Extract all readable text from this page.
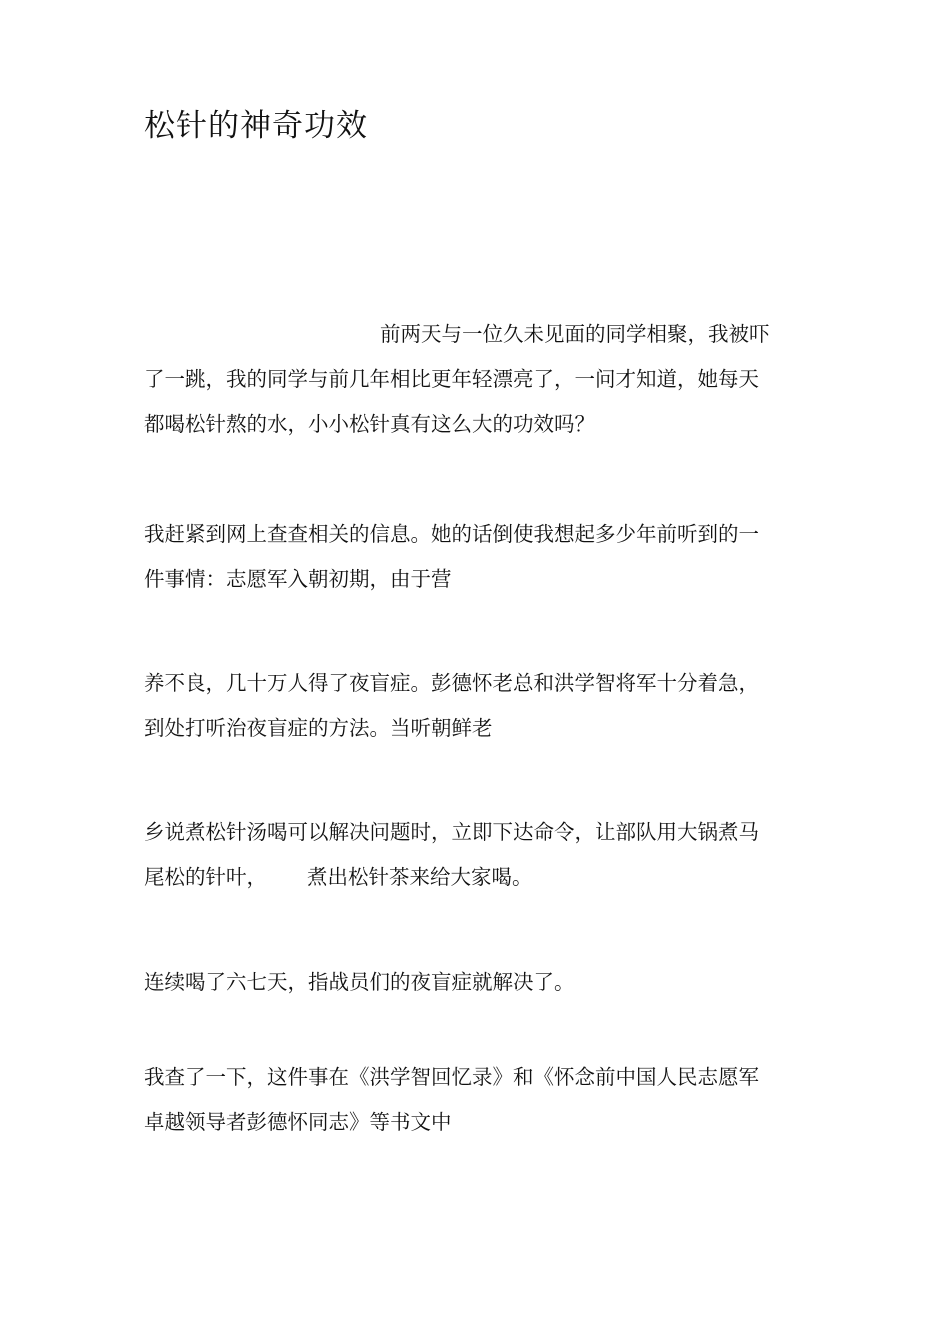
松针的神奇功效
前两天与一位久未见面的同学相聚，我被吓
了一跳，我的同学与前几年相比更年轻漂亮了，一问才知道，她每天
都喝松针熬的水，小小松针真有这么大的功效吗？
我赶紧到网上查查相关的信息。她的话倒使我想起多少年前听到的一
件事情：志愿军入朝初期，由于营
养不良，几十万人得了夜盲症。彭德怀老总和洪学智将军十分着急，
到处打听治夜盲症的方法。当听朝鲜老
乡说煮松针汤喝可以解决问题时，立即下达命令，让部队用大锅煮马
尾松的针叶， 煮出松针茶来给大家喝。
连续喝了六七天，指战员们的夜盲症就解决了。
我查了一下，这件事在《洪学智回忆录》和《怀念前中国人民志愿军
卓越领导者彭德怀同志》等书文中
